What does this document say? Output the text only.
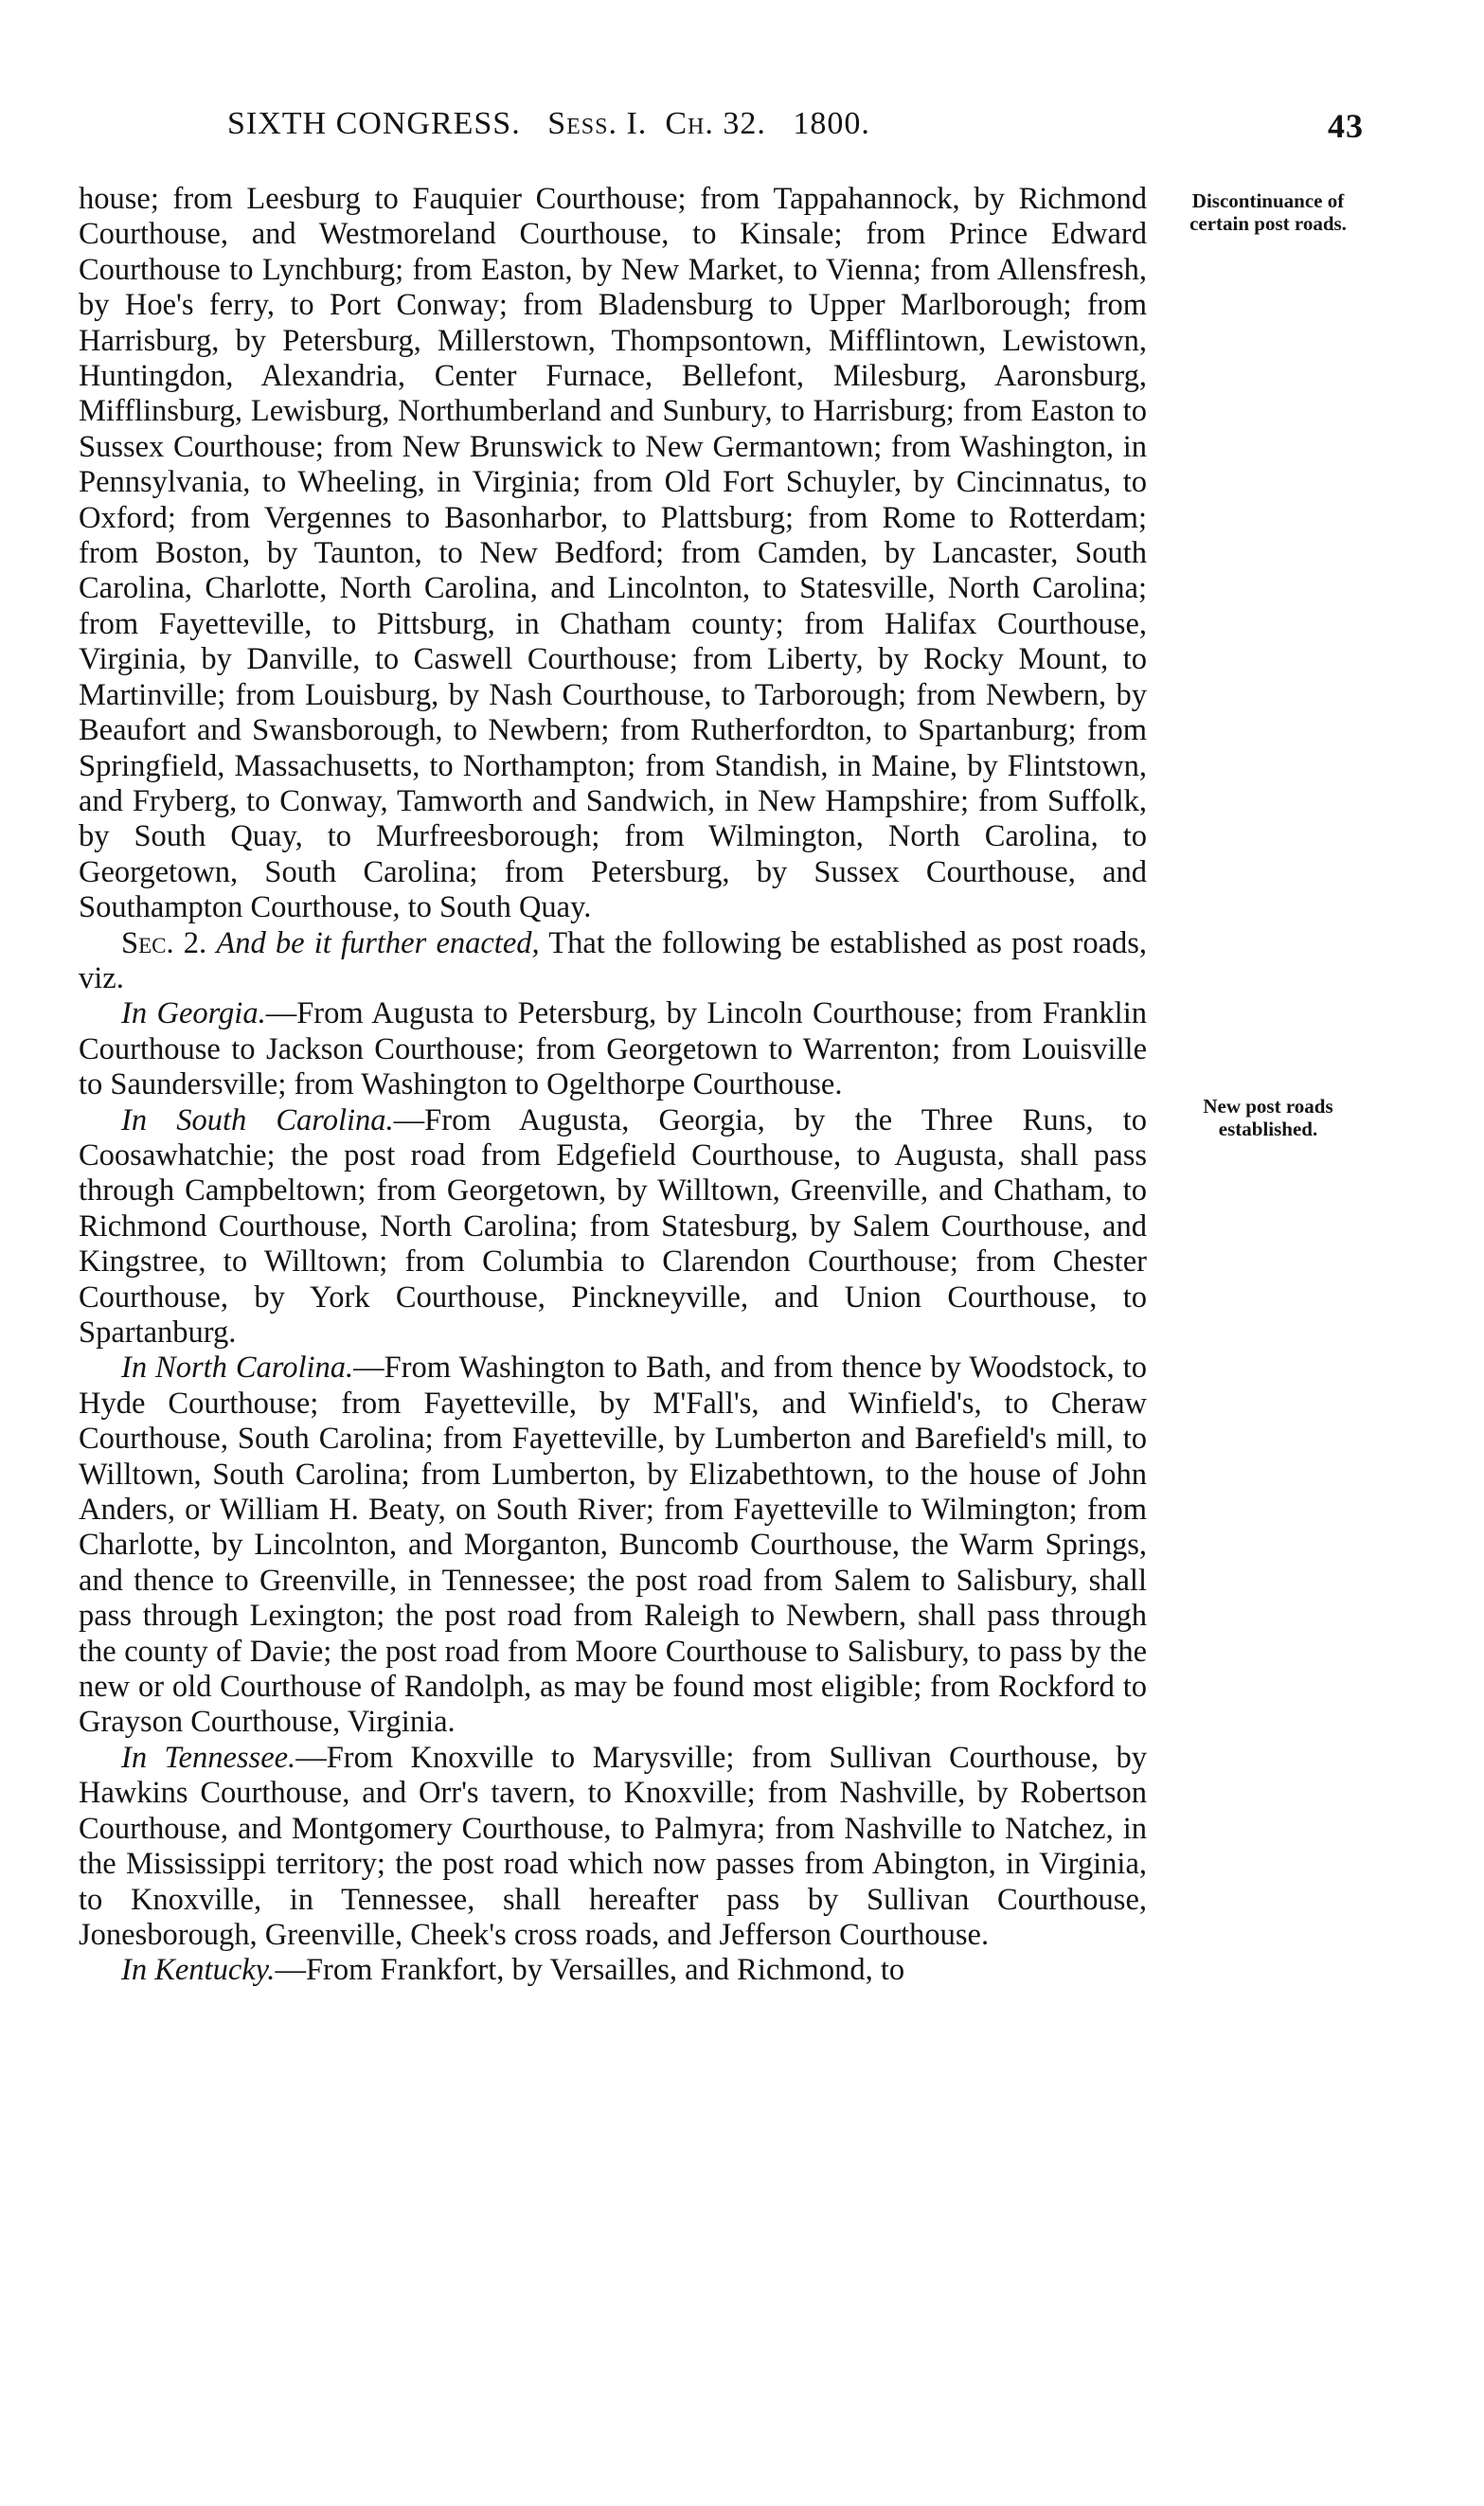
SIXTH CONGRESS. Sess. I. Ch. 32. 1800.	43
Discontinuance of certain post roads.
New post roads established.

house; from Leesburg to Fauquier Courthouse; from Tappahannock, by Richmond Courthouse, and Westmoreland Courthouse, to Kinsale; from Prince Edward Courthouse to Lynchburg; from Easton, by New Market, to Vienna; from Allensfresh, by Hoe's ferry, to Port Conway; from Bladensburg to Upper Marlborough; from Harrisburg, by Petersburg, Millerstown, Thompsontown, Mifflintown, Lewistown, Huntingdon, Alexandria, Center Furnace, Bellefont, Milesburg, Aaronsburg, Mifflinsburg, Lewisburg, Northumberland and Sunbury, to Harrisburg; from Easton to Sussex Courthouse; from New Brunswick to New Germantown; from Washington, in Pennsylvania, to Wheeling, in Virginia; from Old Fort Schuyler, by Cincinnatus, to Oxford; from Vergennes to Basonharbor, to Plattsburg; from Rome to Rotterdam; from Boston, by Taunton, to New Bedford; from Camden, by Lancaster, South Carolina, Charlotte, North Carolina, and Lincolnton, to Statesville, North Carolina; from Fayetteville, to Pittsburg, in Chatham county; from Halifax Courthouse, Virginia, by Danville, to Caswell Courthouse; from Liberty, by Rocky Mount, to Martinville; from Louisburg, by Nash Courthouse, to Tarborough; from Newbern, by Beaufort and Swansborough, to Newbern; from Rutherfordton, to Spartanburg; from Springfield, Massachusetts, to Northampton; from Standish, in Maine, by Flintstown, and Fryberg, to Conway, Tamworth and Sandwich, in New Hampshire; from Suffolk, by South Quay, to Murfreesborough; from Wilmington, North Carolina, to Georgetown, South Carolina; from Petersburg, by Sussex Courthouse, and Southampton Courthouse, to South Quay.

Sec. 2. And be it further enacted, That the following be established as post roads, viz.

In Georgia.—From Augusta to Petersburg, by Lincoln Courthouse; from Franklin Courthouse to Jackson Courthouse; from Georgetown to Warrenton; from Louisville to Saundersville; from Washington to Ogelthorpe Courthouse.

In South Carolina.—From Augusta, Georgia, by the Three Runs, to Coosawhatchie; the post road from Edgefield Courthouse, to Augusta, shall pass through Campbeltown; from Georgetown, by Willtown, Greenville, and Chatham, to Richmond Courthouse, North Carolina; from Statesburg, by Salem Courthouse, and Kingstree, to Willtown; from Columbia to Clarendon Courthouse; from Chester Courthouse, by York Courthouse, Pinckneyville, and Union Courthouse, to Spartanburg.

In North Carolina.—From Washington to Bath, and from thence by Woodstock, to Hyde Courthouse; from Fayetteville, by M'Fall's, and Winfield's, to Cheraw Courthouse, South Carolina; from Fayetteville, by Lumberton and Barefield's mill, to Willtown, South Carolina; from Lumberton, by Elizabethtown, to the house of John Anders, or William H. Beaty, on South River; from Fayetteville to Wilmington; from Charlotte, by Lincolnton, and Morganton, Buncomb Courthouse, the Warm Springs, and thence to Greenville, in Tennessee; the post road from Salem to Salisbury, shall pass through Lexington; the post road from Raleigh to Newbern, shall pass through the county of Davie; the post road from Moore Courthouse to Salisbury, to pass by the new or old Courthouse of Randolph, as may be found most eligible; from Rockford to Grayson Courthouse, Virginia.

In Tennessee.—From Knoxville to Marysville; from Sullivan Courthouse, by Hawkins Courthouse, and Orr's tavern, to Knoxville; from Nashville, by Robertson Courthouse, and Montgomery Courthouse, to Palmyra; from Nashville to Natchez, in the Mississippi territory; the post road which now passes from Abington, in Virginia, to Knoxville, in Tennessee, shall hereafter pass by Sullivan Courthouse, Jonesborough, Greenville, Cheek's cross roads, and Jefferson Courthouse.

In Kentucky.—From Frankfort, by Versailles, and Richmond, to
